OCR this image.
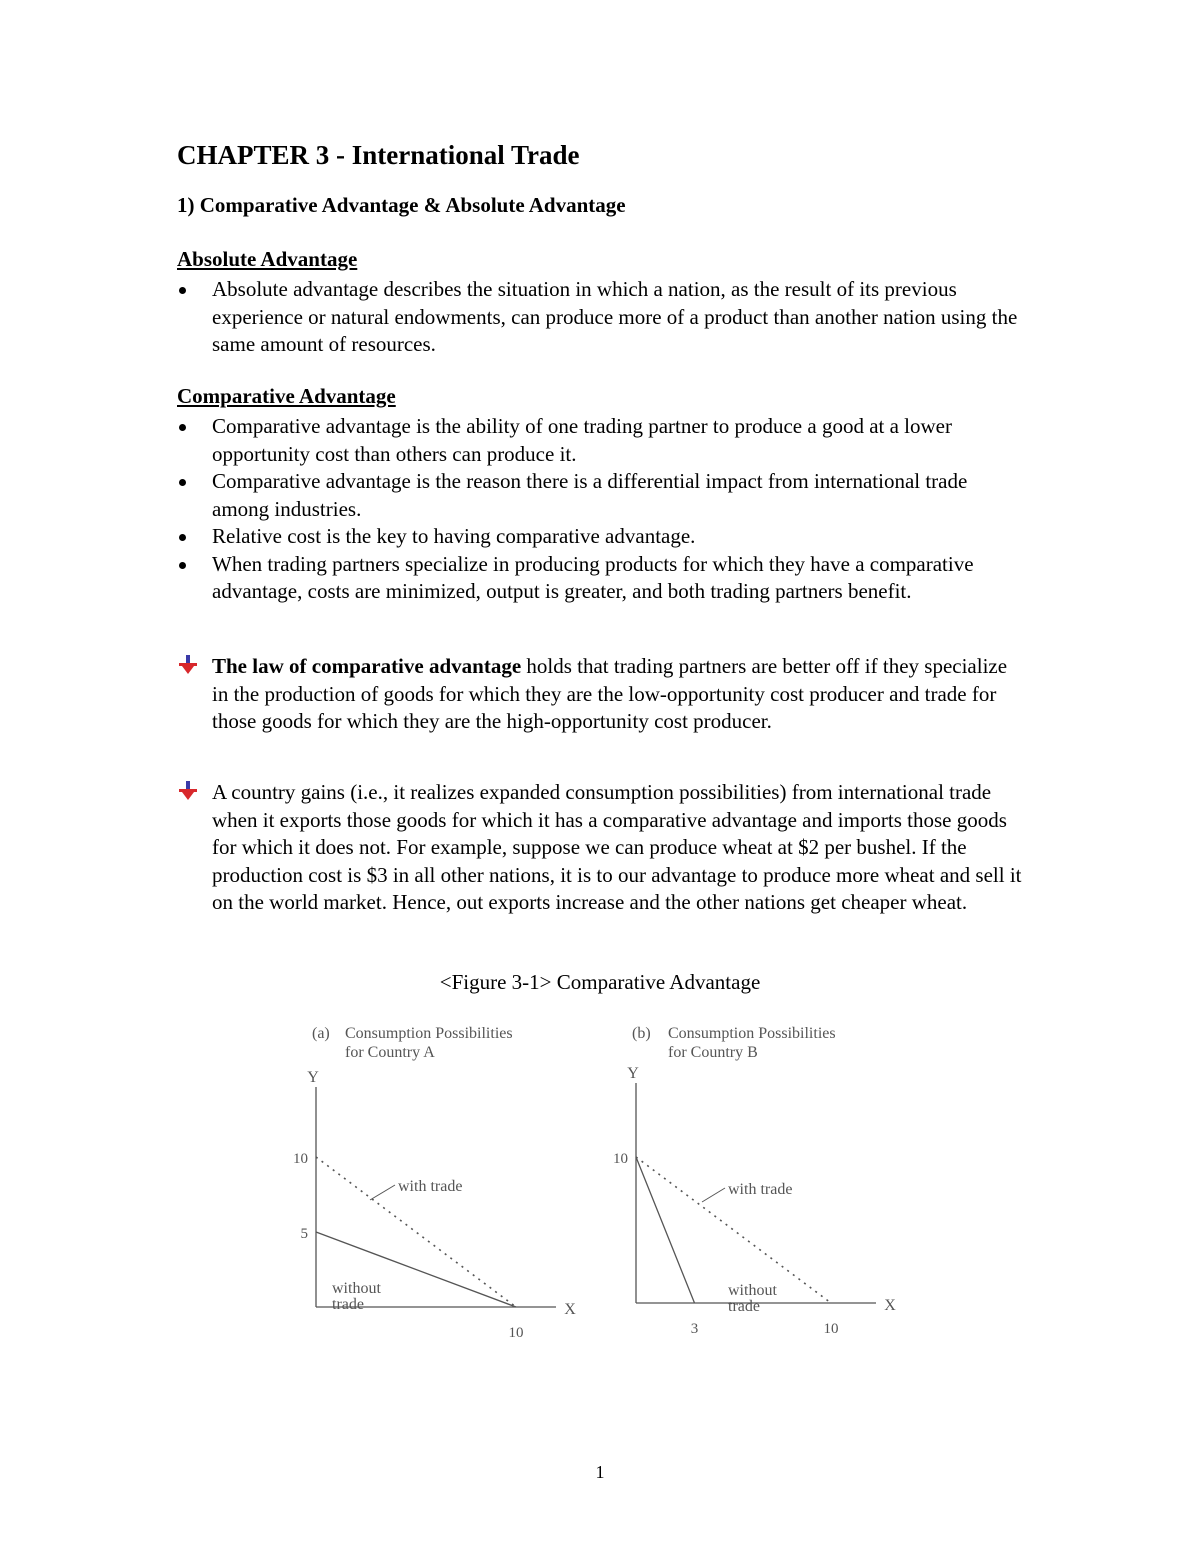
CHAPTER 3 - International Trade
1) Comparative Advantage & Absolute Advantage
Absolute Advantage
Absolute advantage describes the situation in which a nation, as the result of its previous experience or natural endowments, can produce more of a product than another nation using the same amount of resources.
Comparative Advantage
Comparative advantage is the ability of one trading partner to produce a good at a lower opportunity cost than others can produce it.
Comparative advantage is the reason there is a differential impact from international trade among industries.
Relative cost is the key to having comparative advantage.
When trading partners specialize in producing products for which they have a comparative advantage, costs are minimized, output is greater, and both trading partners benefit.
The law of comparative advantage holds that trading partners are better off if they specialize in the production of goods for which they are the low-opportunity cost producer and trade for those goods for which they are the high-opportunity cost producer.
A country gains (i.e., it realizes expanded consumption possibilities) from international trade when it exports those goods for which it has a comparative advantage and imports those goods for which it does not. For example, suppose we can produce wheat at $2 per bushel. If the production cost is $3 in all other nations, it is to our advantage to produce more wheat and sell it on the world market. Hence, out exports increase and the other nations get cheaper wheat.
<Figure 3-1> Comparative Advantage
(a) Consumption Possibilities
for Country A
Y
X
10
5
10
with trade
without
trade
(b) Consumption Possibilities
for Country B
Y
X
10
3	10
with trade
without
trade
1
